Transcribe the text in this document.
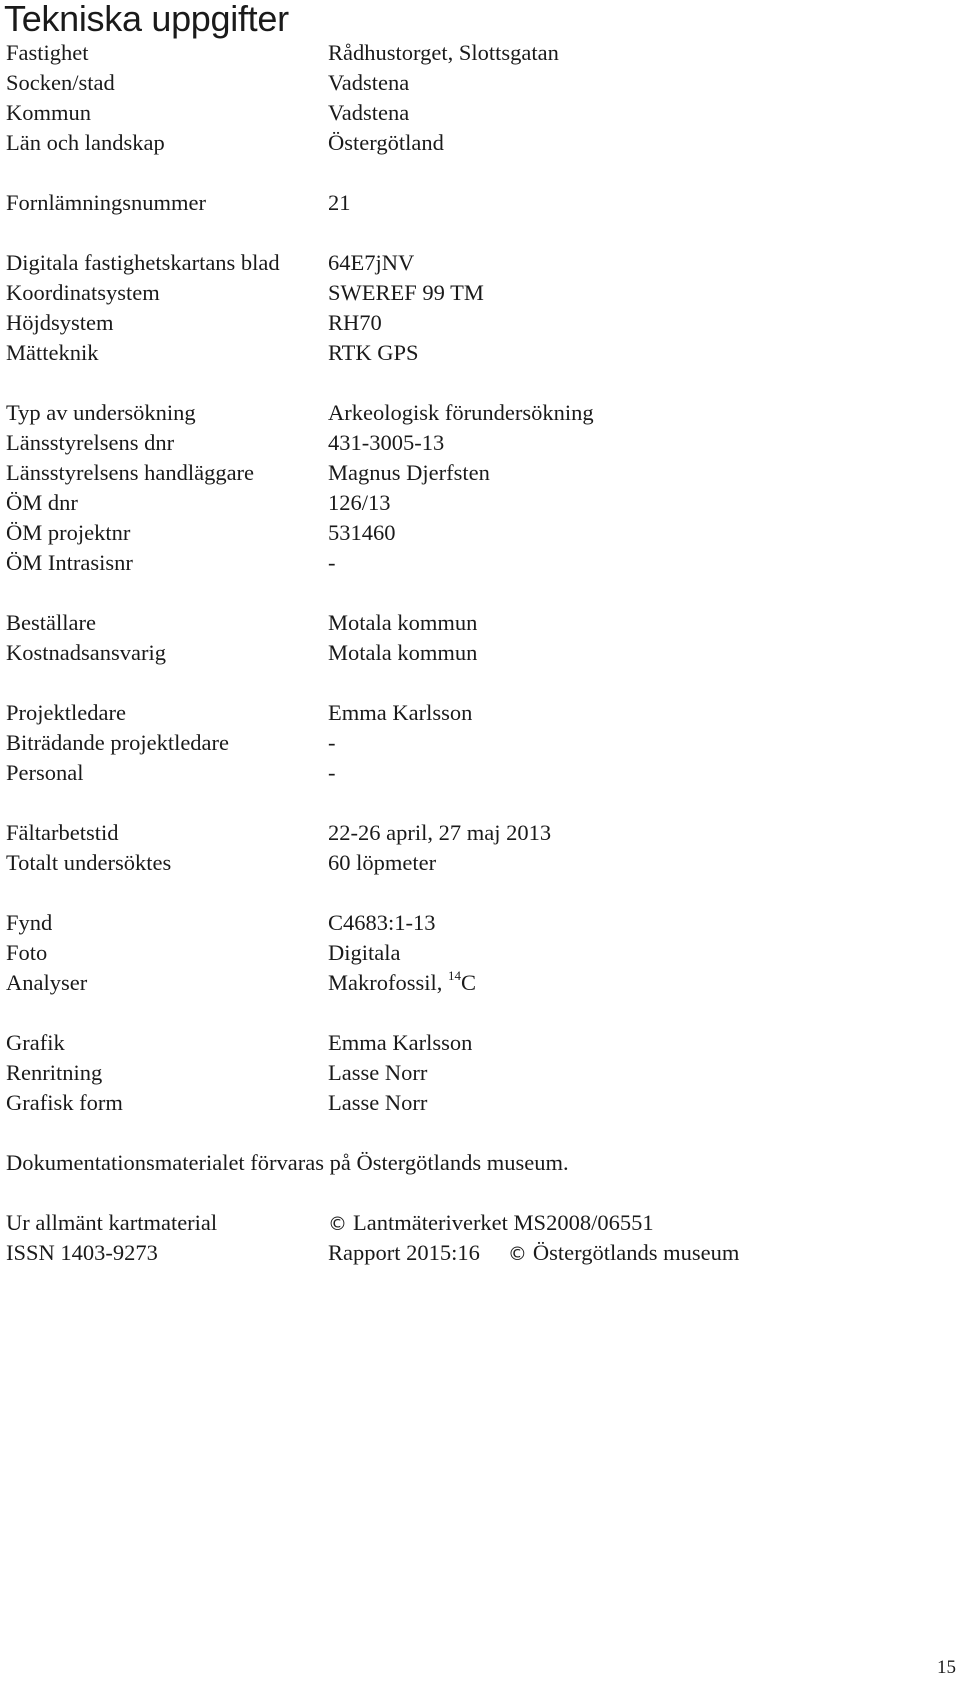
Tekniska uppgifter
Fastighet	Rådhustorget, Slottsgatan
Socken/stad	Vadstena
Kommun	Vadstena
Län och landskap	Östergötland
Fornlämningsnummer	21
Digitala fastighetskartans blad	64E7jNV
Koordinatsystem	SWEREF 99 TM
Höjdsystem	RH70
Mätteknik	RTK GPS
Typ av undersökning	Arkeologisk förundersökning
Länsstyrelsens dnr	431-3005-13
Länsstyrelsens handläggare	Magnus Djerfsten
ÖM dnr	126/13
ÖM projektnr	531460
ÖM Intrasisnr	-
Beställare	Motala kommun
Kostnadsansvarig	Motala kommun
Projektledare	Emma Karlsson
Biträdande projektledare	-
Personal	-
Fältarbetstid	22-26 april, 27 maj 2013
Totalt undersöktes	60 löpmeter
Fynd	C4683:1-13
Foto	Digitala
Analyser	Makrofossil, $^{14}$C
Grafik	Emma Karlsson
Renritning	Lasse Norr
Grafisk form	Lasse Norr
Dokumentationsmaterialet förvaras på Östergötlands museum.
Ur allmänt kartmaterial	© Lantmäteriverket MS2008/06551
ISSN 1403-9273	Rapport 2015:16 © Östergötlands museum
15
